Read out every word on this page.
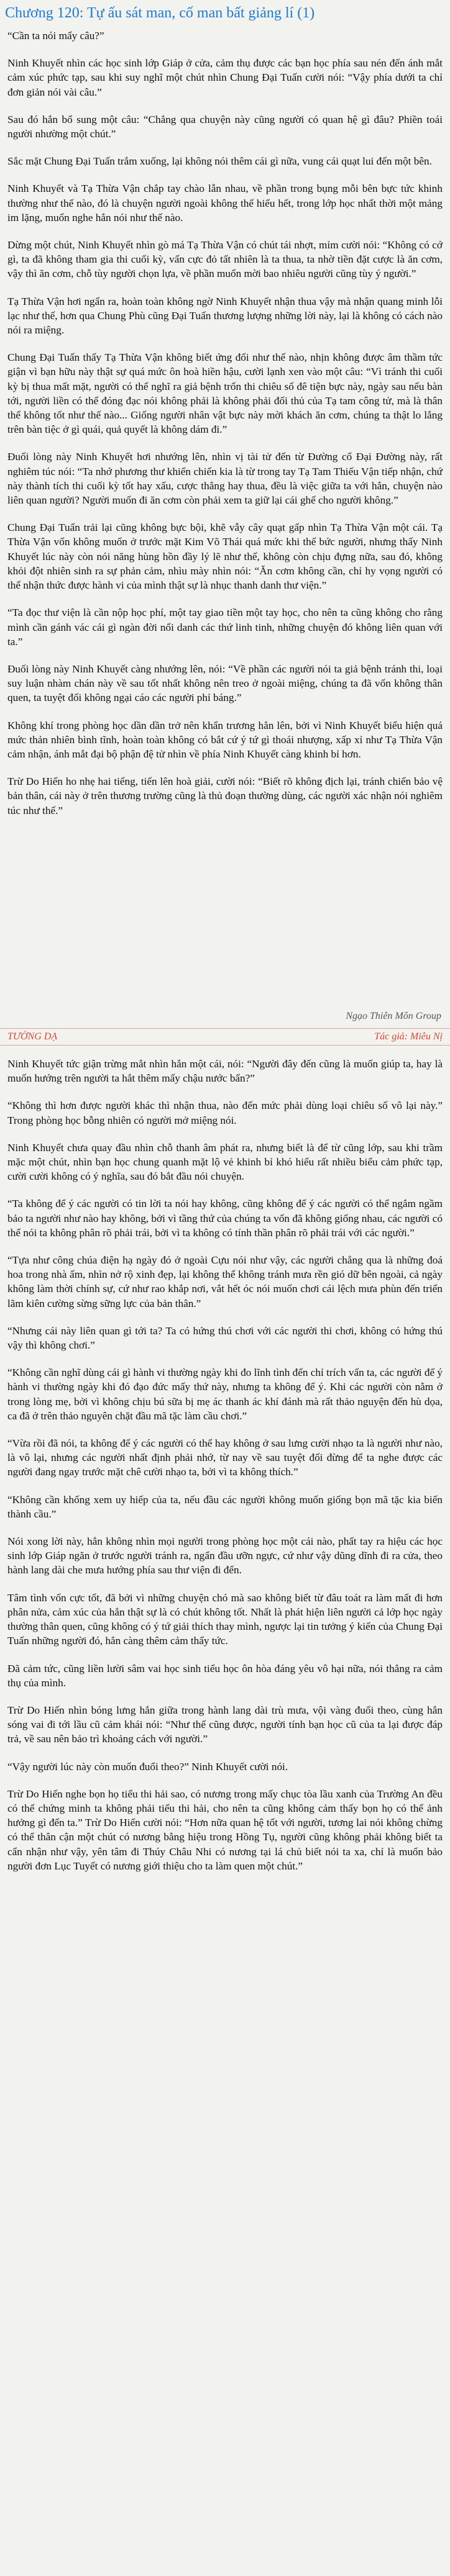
Chương 120: Tự ấu sát man, cố man bất giảng lí (1)

“Cần ta nói mấy câu?”

Ninh Khuyết nhìn các học sinh lớp Giáp ở cửa, cảm thụ được các bạn học phía sau nén đến ánh mắt cảm xúc phức tạp, sau khi suy nghĩ một chút nhìn Chung Đại Tuấn cười nói: “Vậy phía dưới ta chỉ đơn giản nói vài câu.”

Sau đó hắn bổ sung một câu: “Chẳng qua chuyện này cũng người có quan hệ gì đâu? Phiền toái người nhường một chút.”

Sắc mặt Chung Đại Tuấn trắm xuống, lại không nói thêm cái gì nữa, vung cái quạt lui đến một bên.

Ninh Khuyết và Tạ Thừa Vận chắp tay chào lẫn nhau, về phần trong bụng mỗi bên bực tức khinh thường như thế nào, đó là chuyện người ngoài không thể hiểu hết, trong lớp học nhất thời một mảng im lặng, muốn nghe hắn nói như thế nào.

Dừng một chút, Ninh Khuyết nhìn gò má Tạ Thừa Vận có chút tái nhợt, mỉm cười nói: “Không có cớ gì, ta đã không tham gia thi cuối kỳ, vấn cực đỏ tất nhiên là ta thua, ta nhờ tiền đặt cược là ăn cơm, vậy thì ăn cơm, chỗ tùy người chọn lựa, về phần muốn mời bao nhiêu người cũng tùy ý người.”

Tạ Thừa Vận hơi ngẩn ra, hoàn toàn không ngờ Ninh Khuyết nhận thua vậy mà nhận quang minh lỗi lạc như thế, hơn qua Chung Phù cũng Đại Tuấn thương lượng những lời này, lại là không có cách nào nói ra miệng.

Chung Đại Tuấn thấy Tạ Thừa Vận không biết ứng đối như thế nào, nhịn không được âm thầm tức giận vì bạn hữu này thật sự quá mức ôn hoà hiền hậu, cười lạnh xen vào một câu: “Vì tránh thi cuối kỳ bị thua mất mặt, người có thể nghĩ ra giả bệnh trốn thi chiêu số đê tiện bực này, ngày sau nếu bàn tới, người liền có thể đóng đạc nói không phải là không phải đối thủ của Tạ tam công tử, mà là thân thể không tốt như thế nào... Giống người nhân vật bực này mời khách ăn cơm, chúng ta thật lo lắng trên bàn tiệc ở gì quái, quả quyết là không dám đi.”

Đuối lòng này Ninh Khuyết hơi nhướng lên, nhìn vị tài tử đến từ Đường cổ Đại Đường này, rất nghiêm túc nói: “Ta nhớ phương thư khiến chiến kia là từ trong tay Tạ Tam Thiếu Vận tiếp nhận, chứ này thành tích thi cuối kỳ tốt hay xấu, cược thắng hay thua, đều là việc giữa ta với hắn, chuyện nào liên quan người? Người muốn đi ăn cơm còn phải xem ta giữ lại cái ghế cho người không.”

Chung Đại Tuấn trải lại cũng không bực bội, khẽ vẫy cây quạt gấp nhìn Tạ Thừa Vận một cái. Tạ Thừa Vận vốn không muốn ở trước mặt Kim Võ Thái quá mức khi thế bức người, nhưng thấy Ninh Khuyết lúc này còn nói năng hùng hồn đầy lý lẽ như thế, không còn chịu đựng nữa, sau đó, không khỏi đột nhiên sinh ra sự phản cảm, nhìu mày nhìn nói: “Ăn cơm không cần, chỉ hy vọng người có thể nhận thức được hành vi của mình thật sự là nhục thanh danh thư viện.”

“Ta đọc thư viện là cần nộp học phí, một tay giao tiền một tay học, cho nên ta cũng không cho rằng mình cần gánh vác cái gì ngàn đời nổi danh các thứ linh tinh, những chuyện đó không liên quan với ta.”

Đuối lòng này Ninh Khuyết càng nhướng lên, nói: “Về phần các người nói ta giả bệnh tránh thi, loại suy luận nhàm chán này về sau tốt nhất không nên treo ở ngoài miệng, chúng ta đã vốn không thân quen, ta tuyệt đối không ngại cáo các người phỉ báng.”

Không khí trong phòng học dần dần trở nên khẩn trương hẳn lên, bởi vì Ninh Khuyết biểu hiện quá mức thản nhiên bình tĩnh, hoàn toàn không có bắt cứ ý tứ gì thoái nhượng, xấp xỉ như Tạ Thừa Vận cảm nhận, ánh mắt đại bộ phận đệ tử nhìn về phía Ninh Khuyết càng khinh bỉ hơn.

Trừ Do Hiến ho nhẹ hai tiếng, tiến lên hoà giải, cười nói: “Biết rõ không địch lại, tránh chiến bảo vệ bản thân, cái này ở trên thương trường cũng là thủ đoạn thường dùng, các người xác nhận nói nghiêm túc như thế.”

Ngạo Thiên Môn Group
TƯỚNG DẠ	Tác giả: Miêu Nị

Ninh Khuyết tức giận trừng mắt nhìn hắn một cái, nói: “Người đây đến cũng là muốn giúp ta, hay là muốn hướng trên người ta hắt thêm mấy chậu nước bẩn?”

“Không thì hơn được người khác thì nhận thua, nào đến mức phải dùng loại chiêu số vô lại này.” Trong phòng học bỗng nhiên có người mở miệng nói.

Ninh Khuyết chưa quay đầu nhìn chỗ thanh âm phát ra, nhưng biết là để từ cũng lớp, sau khi trầm mặc một chút, nhìn bạn học chung quanh mặt lộ vẻ khinh bỉ khó hiểu rất nhiều biểu cảm phức tạp, cười cười không có ý nghĩa, sau đó bắt đầu nói chuyện.

“Ta không để ý các người có tin lời ta nói hay không, cũng không để ý các người có thể ngắm ngầm bảo ta người như nào hay không, bởi vì tầng thứ của chúng ta vốn đã không giống nhau, các người có thể nói ta không phân rõ phải trái, bởi vì ta không có tính thần phân rõ phải trái với các người.”

“Tựa như công chúa điện hạ ngày đó ở ngoài Cựu nói như vậy, các người chẳng qua là những đoá hoa trong nhà ấm, nhìn nở rộ xinh đẹp, lại không thể không tránh mưa rền gió dữ bên ngoài, cả ngày không làm thời chính sự, cứ như rao khắp nơi, vắt hết óc nói muốn chơi cái lệch mưa phùn đến triển lãm kiên cường sừng sững lực của bản thân.”

“Nhưng cái này liên quan gì tới ta? Ta có hứng thú chơi với các người thi chơi, không có hứng thú vậy thì không chơi.”

“Không cần nghĩ dùng cái gì hành vi thường ngày khi đo lĩnh tình đến chỉ trích vấn ta, các người để ý hành vi thường ngày khi đó đạo đức mấy thứ này, nhưng ta không để ý. Khi các người còn nằm ở trong lòng mẹ, bởi vì không chịu bú sữa bị mẹ ác thanh ác khí đánh mà rất thảo nguyện đến hù dọa, ca đã ở trên thảo nguyên chặt đầu mã tặc làm cầu chơi.”

“Vừa rồi đã nói, ta không để ý các người có thể hay không ở sau lưng cười nhạo ta là người như nào, là vô lại, nhưng các người nhất định phải nhớ, từ nay về sau tuyệt đối đừng để ta nghe được các người đang ngay trước mặt chê cười nhạo ta, bởi vì ta không thích.”

“Không cần khống xem uy hiếp của ta, nếu đầu các người không muốn giống bọn mã tặc kia biến thành cầu.”

Nói xong lời này, hắn không nhìn mọi người trong phòng học một cái nào, phất tay ra hiệu các học sinh lớp Giáp ngăn ở trước người tránh ra, ngẩn đầu ưỡn ngực, cứ như vậy dũng dĩnh đi ra cửa, theo hành lang dài che mưa hướng phía sau thư viện đi đến.

Tâm tình vốn cực tốt, đã bởi vì những chuyện chó mà sao không biết từ đâu toát ra làm mất đi hơn phân nửa, cảm xúc của hắn thật sự là có chút không tốt. Nhất là phát hiện liên người cả lớp học ngày thường thân quen, cũng không có ý tứ giải thích thay mình, ngược lại tin tưởng ý kiến của Chung Đại Tuấn những người đó, hẳn càng thêm cảm thấy tức.

Đã cảm tức, cũng liền lười sâm vai học sinh tiểu học ôn hòa đáng yêu vô hại nữa, nói thẳng ra cảm thụ của mình.

Trừ Do Hiến nhìn bóng lưng hắn giữa trong hành lang dài trù mưa, vội vàng đuổi theo, cùng hắn sóng vai đi tới lầu cũ cảm khái nói: “Như thế cũng được, người tính bạn học cũ của ta lại được đáp trả, về sau nên bảo trì khoảng cách với người.”

“Vậy người lúc này còn muốn đuổi theo?” Ninh Khuyết cười nói.

Trừ Do Hiến nghe bọn họ tiểu thi hải sao, có nương trong mấy chục tòa lầu xanh của Trường An đều có thể chứng minh ta không phải tiểu thi hải, cho nên ta cũng không cảm thấy bọn họ có thể ảnh hưởng gì đến ta.” Trừ Do Hiến cười nói: “Hơn nữa quan hệ tốt với người, tương lai nói không chừng có thể thân cận một chút có nương bằng hiệu trong Hồng Tụ, người cũng không phải không biết ta cẩn nhận như vậy, yên tâm đi Thúy Châu Nhi có nương tại lá chủ biết nói ta xa, chỉ là muốn bảo người đơn Lục Tuyết có nương giới thiệu cho ta làm quen một chút.”
